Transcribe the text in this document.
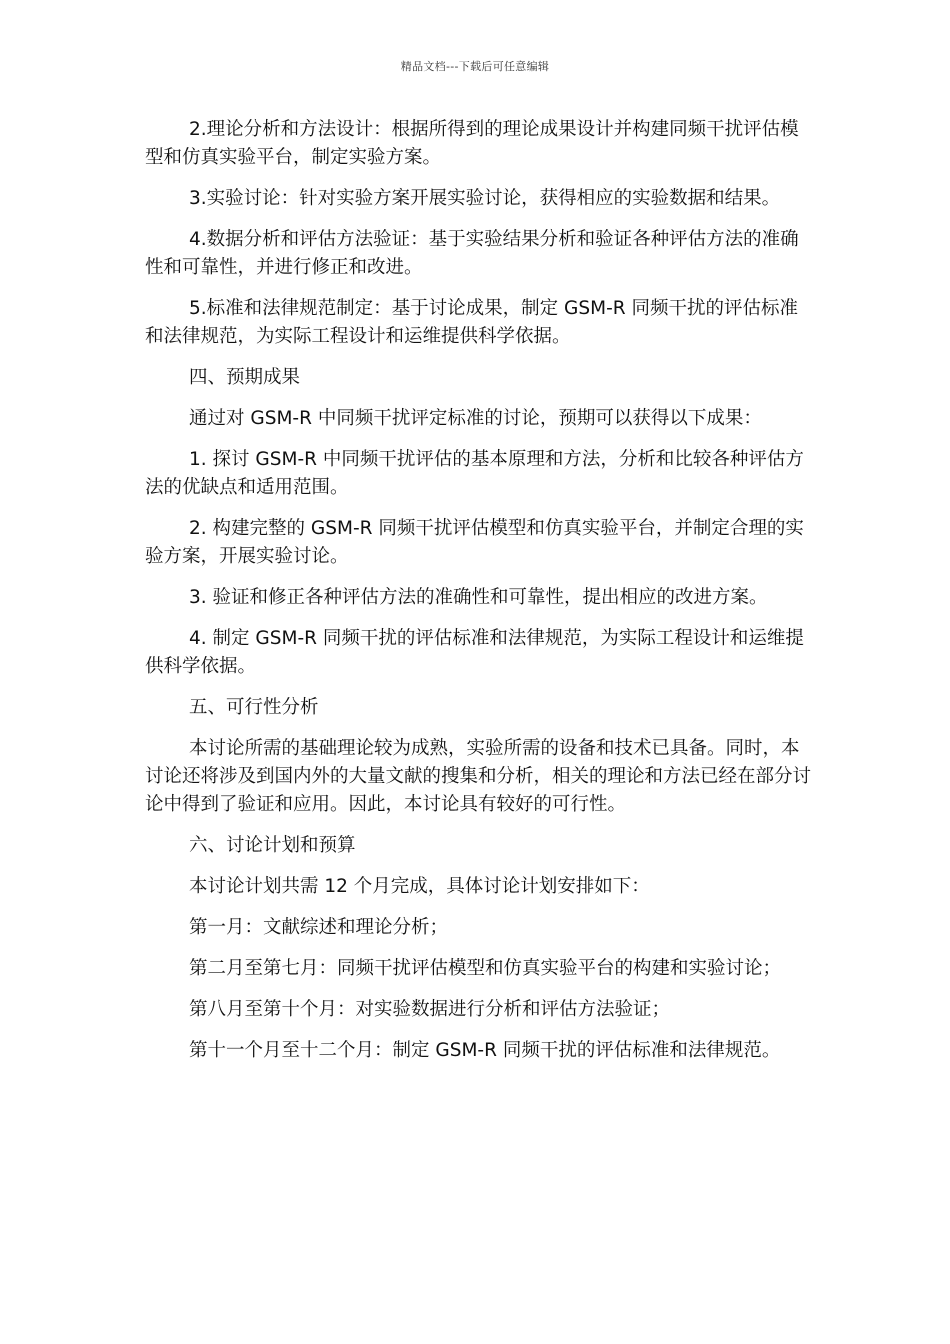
精品文档---下载后可任意编辑

2.理论分析和方法设计：根据所得到的理论成果设计并构建同频干扰评估模型和仿真实验平台，制定实验方案。

3.实验讨论：针对实验方案开展实验讨论，获得相应的实验数据和结果。

4.数据分析和评估方法验证：基于实验结果分析和验证各种评估方法的准确性和可靠性，并进行修正和改进。

5.标准和法律规范制定：基于讨论成果，制定 GSM-R 同频干扰的评估标准和法律规范，为实际工程设计和运维提供科学依据。

四、预期成果

通过对 GSM-R 中同频干扰评定标准的讨论，预期可以获得以下成果：

1. 探讨 GSM-R 中同频干扰评估的基本原理和方法，分析和比较各种评估方法的优缺点和适用范围。

2. 构建完整的 GSM-R 同频干扰评估模型和仿真实验平台，并制定合理的实验方案，开展实验讨论。

3. 验证和修正各种评估方法的准确性和可靠性，提出相应的改进方案。

4. 制定 GSM-R 同频干扰的评估标准和法律规范，为实际工程设计和运维提供科学依据。

五、可行性分析

本讨论所需的基础理论较为成熟，实验所需的设备和技术已具备。同时，本讨论还将涉及到国内外的大量文献的搜集和分析，相关的理论和方法已经在部分讨论中得到了验证和应用。因此，本讨论具有较好的可行性。

六、讨论计划和预算

本讨论计划共需 12 个月完成，具体讨论计划安排如下：

第一月：文献综述和理论分析；

第二月至第七月：同频干扰评估模型和仿真实验平台的构建和实验讨论；

第八月至第十个月：对实验数据进行分析和评估方法验证；

第十一个月至十二个月：制定 GSM-R 同频干扰的评估标准和法律规范。
